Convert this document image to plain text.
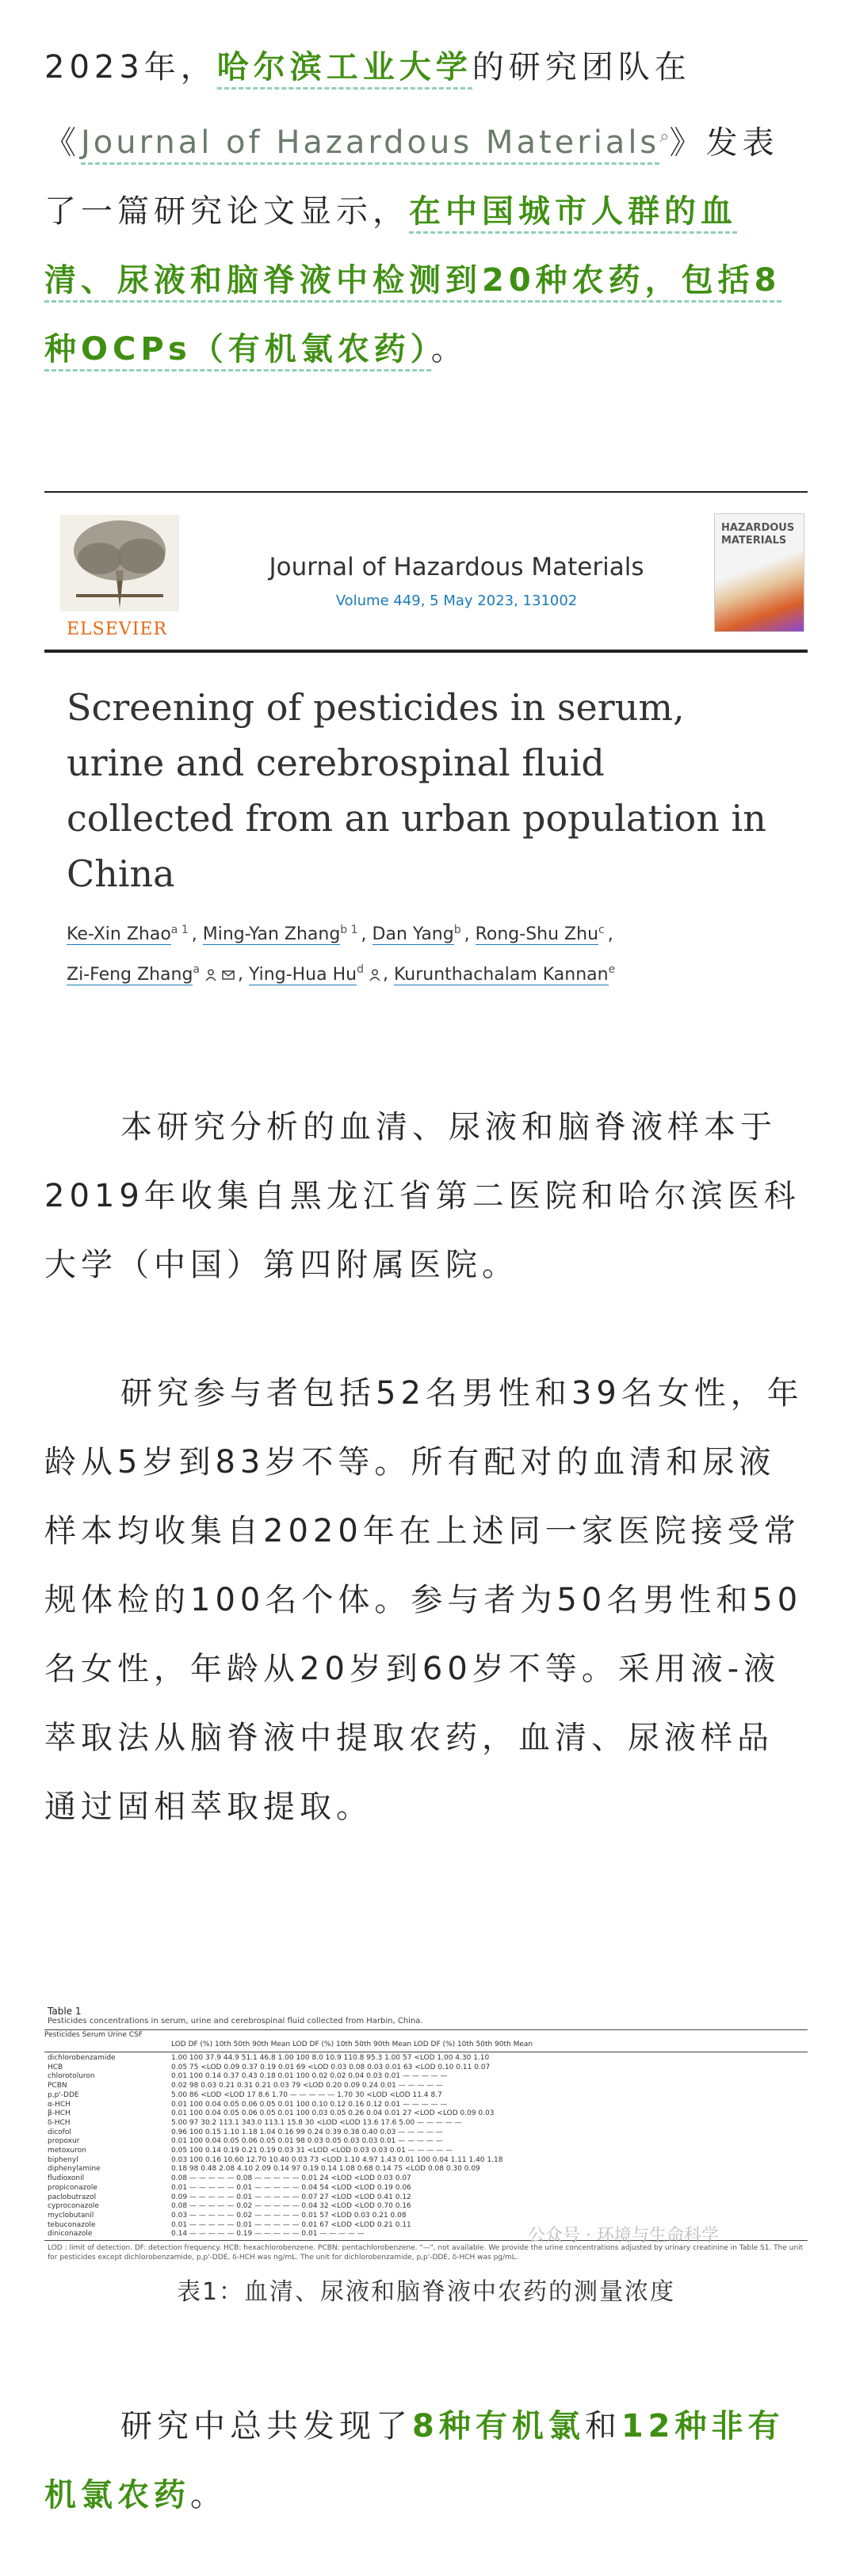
2023年，哈尔滨工业大学的研究团队在《Journal of Hazardous Materials⌕》发表了一篇研究论文显示，在中国城市人群的血清、尿液和脑脊液中检测到20种农药，包括8种OCPs（有机氯农药）。
ELSEVIER
Journal of Hazardous Materials
Volume 449, 5 May 2023, 131002
HAZARDOUS MATERIALS
Screening of pesticides in serum, urine and cerebrospinal fluid collected from an urban population in China
Ke-Xin Zhao$^{a 1}$ , Ming-Yan Zhang$^{b 1}$ , Dan Yang$^b$ , Rong-Shu Zhu$^c$ ,
Zi-Feng Zhang$^a$ , Ying-Hua Hu$^d$ , Kurunthachalam Kannan$^e$
本研究分析的血清、尿液和脑脊液样本于2019年收集自黑龙江省第二医院和哈尔滨医科大学（中国）第四附属医院。
研究参与者包括52名男性和39名女性，年龄从5岁到83岁不等。所有配对的血清和尿液样本均收集自2020年在上述同一家医院接受常规体检的100名个体。参与者为50名男性和50名女性，年龄从20岁到60岁不等。采用液-液萃取法从脑脊液中提取农药，血清、尿液样品通过固相萃取提取。
Table 1
Pesticides concentrations in serum, urine and cerebrospinal fluid collected from Harbin, China.
Pesticides Serum Urine CSF
LOD DF (%) 10th 50th 90th Mean LOD DF (%) 10th 50th 90th Mean LOD DF (%) 10th 50th 90th Mean
dichlorobenzamide	1.00 100 37.9 44.9 51.1 46.8 1.00 100 8.0 10.9 110.8 95.3 1.00 57 <LOD 1.00 4.30 1.10
HCB	0.05 75 <LOD 0.09 0.37 0.19 0.01 69 <LOD 0.03 0.08 0.03 0.01 63 <LOD 0.10 0.11 0.07
chlorotoluron	0.01 100 0.14 0.37 0.43 0.18 0.01 100 0.02 0.02 0.04 0.03 0.01 — — — — —
PCBN	0.02 98 0.03 0.21 0.31 0.21 0.03 79 <LOD 0.20 0.09 0.24 0.01 — — — — —
p,p'-DDE	5.00 86 <LOD <LOD 17 8.6 1.70 — — — — — 1.70 30 <LOD <LOD 11.4 8.7
α-HCH	0.01 100 0.04 0.05 0.06 0.05 0.01 100 0.10 0.12 0.16 0.12 0.01 — — — — —
β-HCH	0.01 100 0.04 0.05 0.06 0.05 0.01 100 0.03 0.05 0.26 0.04 0.01 27 <LOD <LOD 0.09 0.03
δ-HCH	5.00 97 30.2 113.1 343.0 113.1 15.8 30 <LOD <LOD 13.6 17.6 5.00 — — — — —
dicofol	0.96 100 0.15 1.10 1.18 1.04 0.16 99 0.24 0.39 0.38 0.40 0.03 — — — — —
propoxur	0.01 100 0.04 0.05 0.06 0.05 0.01 98 0.03 0.05 0.03 0.03 0.01 — — — — —
metoxuron	0.05 100 0.14 0.19 0.21 0.19 0.03 31 <LOD <LOD 0.03 0.03 0.01 — — — — —
biphenyl	0.03 100 0.16 10.60 12.70 10.40 0.03 73 <LOD 1.10 4.97 1.43 0.01 100 0.04 1.11 1.40 1.18
diphenylamine	0.18 98 0.48 2.08 4.10 2.09 0.14 97 0.19 0.14 1.08 0.68 0.14 75 <LOD 0.08 0.30 0.09
fludioxonil	0.08 — — — — — 0.08 — — — — — 0.01 24 <LOD <LOD 0.03 0.07
propiconazole	0.01 — — — — — 0.01 — — — — — 0.04 54 <LOD <LOD 0.19 0.06
paclobutrazol	0.09 — — — — — 0.01 — — — — — 0.07 27 <LOD <LOD 0.41 0.12
cyproconazole	0.08 — — — — — 0.02 — — — — — 0.04 32 <LOD <LOD 0.70 0.16
myclobutanil	0.03 — — — — — 0.02 — — — — — 0.01 57 <LOD 0.03 0.21 0.08
tebuconazole	0.01 — — — — — 0.01 — — — — — 0.01 67 <LOD <LOD 0.21 0.11
diniconazole	0.14 — — — — — 0.19 — — — — — 0.01 — — — — —
LOD : limit of detection. DF: detection frequency. HCB: hexachlorobenzene. PCBN: pentachlorobenzene. "—", not available. We provide the urine concentrations adjusted by urinary creatinine in Table S1. The unit for pesticides except dichlorobenzamide, p,p'-DDE, δ-HCH was ng/mL. The unit for dichlorobenzamide, p,p'-DDE, δ-HCH was pg/mL.
公众号 · 环境与生命科学
表1：血清、尿液和脑脊液中农药的测量浓度
研究中总共发现了8种有机氯和12种非有机氯农药。
